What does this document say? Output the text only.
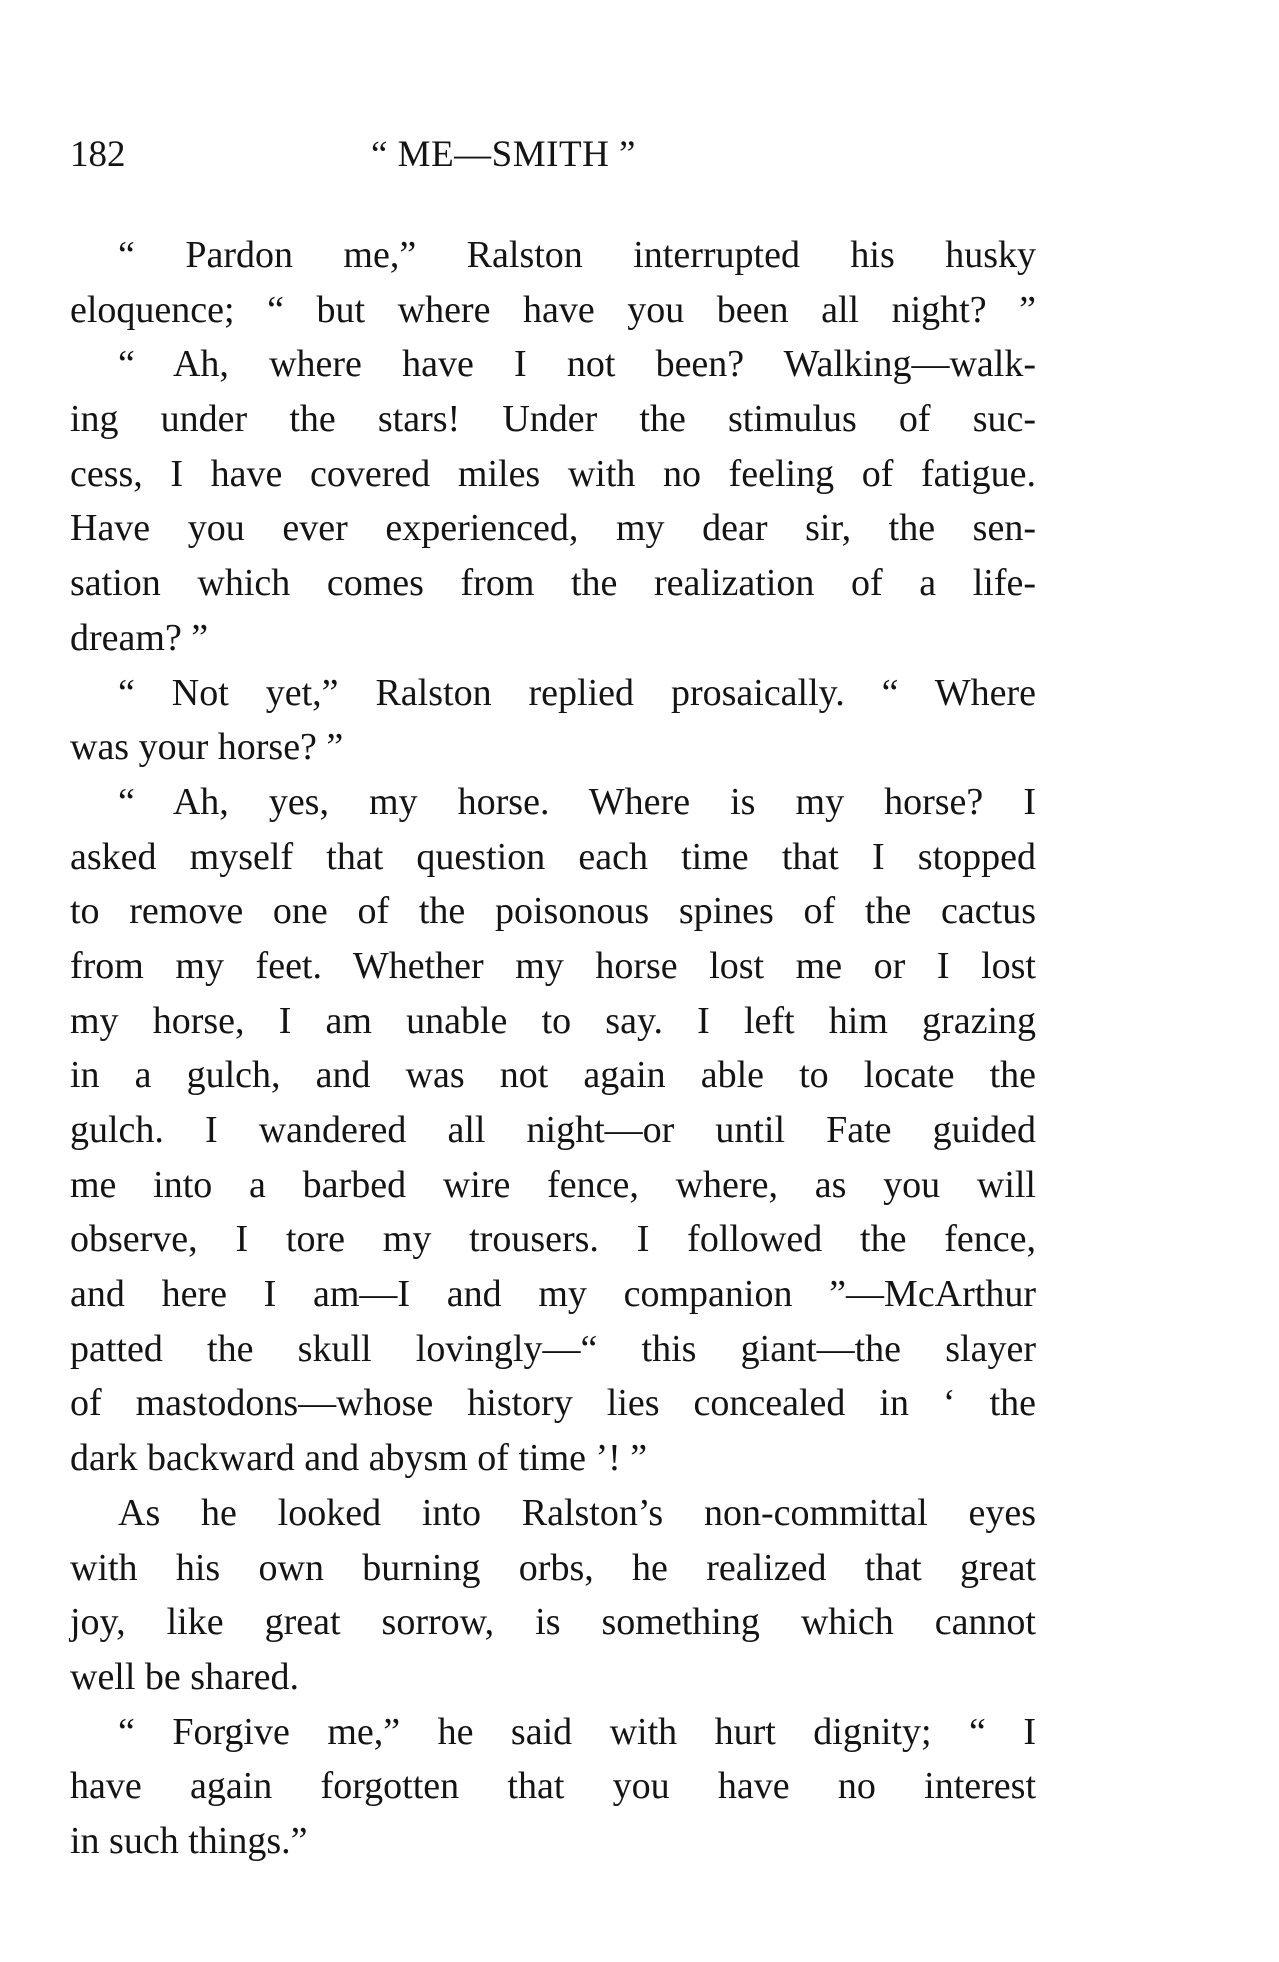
182	“ ME—SMITH ”
“ Pardon me,” Ralston interrupted his husky
eloquence; “ but where have you been all night? ”
“ Ah, where have I not been? Walking—walk-
ing under the stars! Under the stimulus of suc-
cess, I have covered miles with no feeling of fatigue.
Have you ever experienced, my dear sir, the sen-
sation which comes from the realization of a life-
dream? ”
“ Not yet,” Ralston replied prosaically. “ Where
was your horse? ”
“ Ah, yes, my horse. Where is my horse? I
asked myself that question each time that I stopped
to remove one of the poisonous spines of the cactus
from my feet. Whether my horse lost me or I lost
my horse, I am unable to say. I left him grazing
in a gulch, and was not again able to locate the
gulch. I wandered all night—or until Fate guided
me into a barbed wire fence, where, as you will
observe, I tore my trousers. I followed the fence,
and here I am—I and my companion ”—McArthur
patted the skull lovingly—“ this giant—the slayer
of mastodons—whose history lies concealed in ‘ the
dark backward and abysm of time ’! ”
As he looked into Ralston’s non-committal eyes
with his own burning orbs, he realized that great
joy, like great sorrow, is something which cannot
well be shared.
“ Forgive me,” he said with hurt dignity; “ I
have again forgotten that you have no interest
in such things.”
